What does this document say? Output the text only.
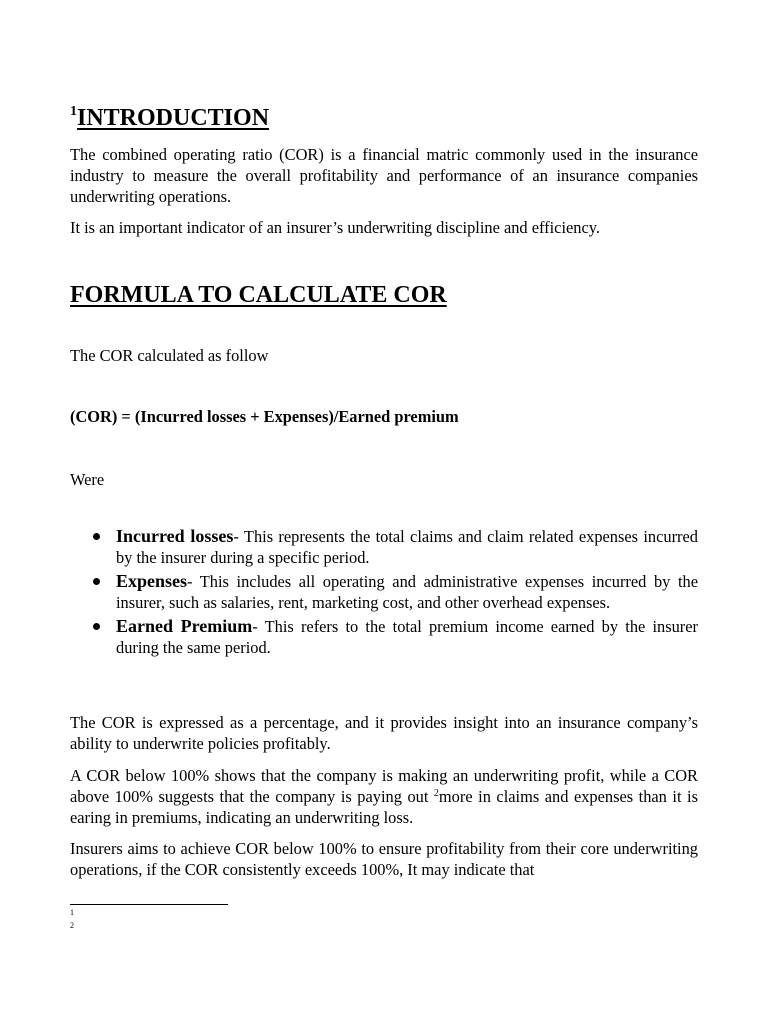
$^1$INTRODUCTION
The combined operating ratio (COR) is a financial matric commonly used in the insurance industry to measure the overall profitability and performance of an insurance companies underwriting operations.
It is an important indicator of an insurer’s underwriting discipline and efficiency.
FORMULA TO CALCULATE COR
The COR calculated as follow
(COR) = (Incurred losses + Expenses)/Earned premium
Were
Incurred losses- This represents the total claims and claim related expenses incurred by the insurer during a specific period.
Expenses- This includes all operating and administrative expenses incurred by the insurer, such as salaries, rent, marketing cost, and other overhead expenses.
Earned Premium- This refers to the total premium income earned by the insurer during the same period.
The COR is expressed as a percentage, and it provides insight into an insurance company’s ability to underwrite policies profitably.
A COR below 100% shows that the company is making an underwriting profit, while a COR above 100% suggests that the company is paying out $^2$more in claims and expenses than it is earing in premiums, indicating an underwriting loss.
Insurers aims to achieve COR below 100% to ensure profitability from their core underwriting operations, if the COR consistently exceeds 100%, It may indicate that
1
2
